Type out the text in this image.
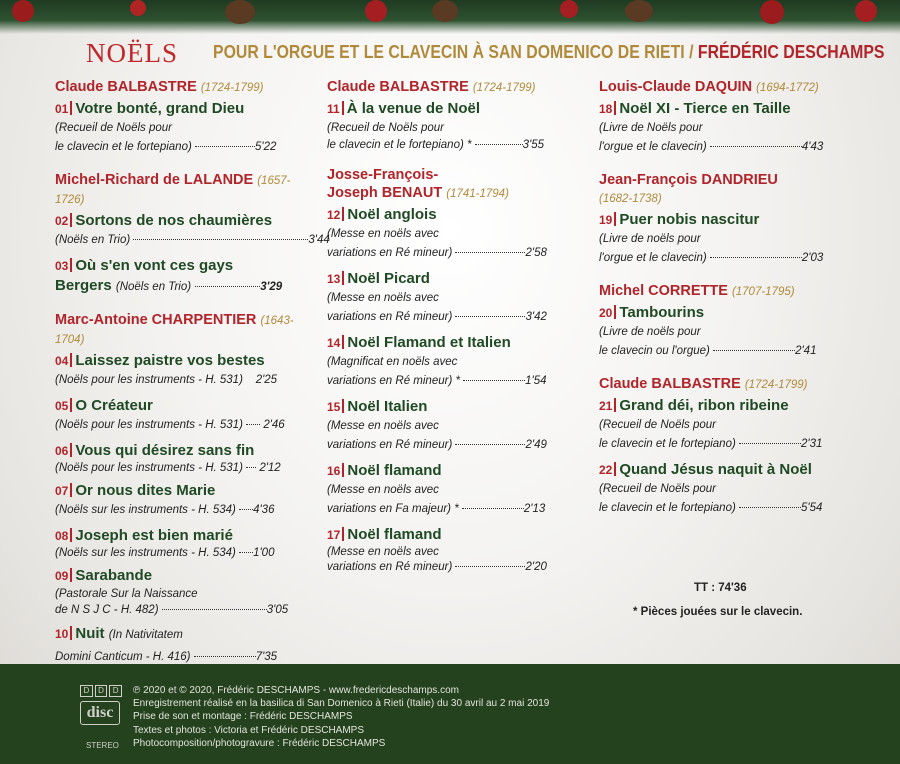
NOËLS POUR L'ORGUE ET LE CLAVECIN À SAN DOMENICO DE RIETI / FRÉDÉRIC DESCHAMPS
Claude BALBASTRE (1724-1799)
01 Votre bonté, grand Dieu
(Recueil de Noëls pour
le clavecin et le fortepiano)	5'22
Michel-Richard de LALANDE (1657-1726)
02 Sortons de nos chaumières
(Noëls en Trio)	3'44
03 Où s'en vont ces gays
Bergers (Noëls en Trio)	3'29
Marc-Antoine CHARPENTIER (1643-1704)
04 Laissez paistre vos bestes
(Noëls pour les instruments - H. 531) 2'25
05 O Créateur
(Noëls pour les instruments - H. 531) 2'46
06 Vous qui désirez sans fin
(Noëls pour les instruments - H. 531) 2'12
07 Or nous dites Marie
(Noëls sur les instruments - H. 534) 4'36
08 Joseph est bien marié
(Noëls sur les instruments - H. 534) 1'00
09 Sarabande
(Pastorale Sur la Naissance
de N S J C - H. 482)	3'05
10 Nuit (In Nativitatem
Domini Canticum - H. 416)	7'35
Claude BALBASTRE (1724-1799)
11 À la venue de Noël
(Recueil de Noëls pour
le clavecin et le fortepiano) *	3'55
Josse-François-
Joseph BENAUT (1741-1794)
12 Noël anglois
(Messe en noëls avec
variations en Ré mineur)	2'58
13 Noël Picard
(Messe en noëls avec
variations en Ré mineur)	3'42
14 Noël Flamand et Italien
(Magnificat en noëls avec
variations en Ré mineur) *	1'54
15 Noël Italien
(Messe en noëls avec
variations en Ré mineur)	2'49
16 Noël flamand
(Messe en noëls avec
variations en Fa majeur) *	2'13
17 Noël flamand
(Messe en noëls avec
variations en Ré mineur)	2'20
Louis-Claude DAQUIN (1694-1772)
18 Noël XI - Tierce en Taille
(Livre de Noëls pour
l'orgue et le clavecin)	4'43
Jean-François DANDRIEU
(1682-1738)
19 Puer nobis nascitur
(Livre de noëls pour
l'orgue et le clavecin)	2'03
Michel CORRETTE (1707-1795)
20 Tambourins
(Livre de noëls pour
le clavecin ou l'orgue)	2'41
Claude BALBASTRE (1724-1799)
21 Grand déi, ribon ribeine
(Recueil de Noëls pour
le clavecin et le fortepiano)	2'31
22 Quand Jésus naquit à Noël
(Recueil de Noëls pour
le clavecin et le fortepiano)	5'54
TT : 74'36
* Pièces jouées sur le clavecin.
D	D	D
disc
STEREO
℗ 2020 et © 2020, Frédéric DESCHAMPS - www.fredericdeschamps.com
Enregistrement réalisé en la basilica di San Domenico à Rieti (Italie) du 30 avril au 2 mai 2019
Prise de son et montage : Frédéric DESCHAMPS
Textes et photos : Victoria et Frédéric DESCHAMPS
Photocomposition/photogravure : Frédéric DESCHAMPS
